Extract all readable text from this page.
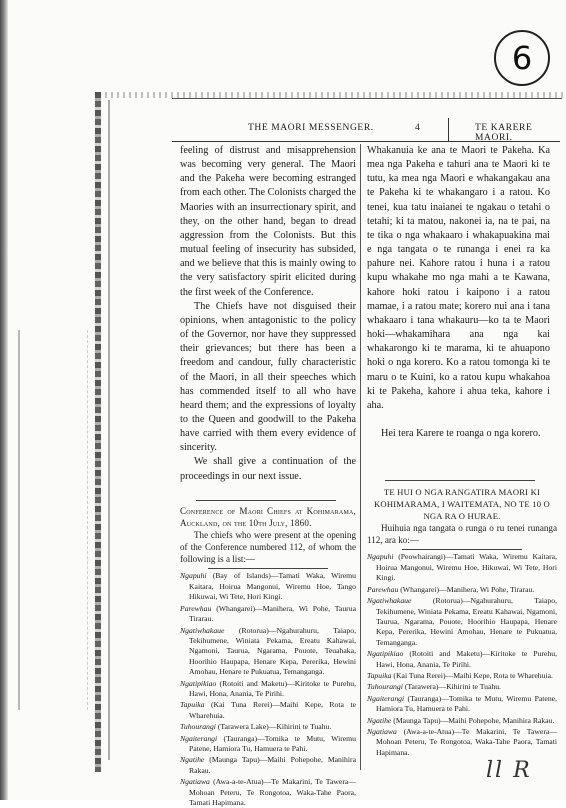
6
THE MAORI MESSENGER.	4	TE KARERE MAORI.

feeling of distrust and misapprehension was becoming very general. The Maori and the Pakeha were becoming estranged from each other. The Colonists charged the Maories with an insurrectionary spirit, and they, on the other hand, began to dread aggression from the Colonists. But this mutual feeling of insecurity has subsided, and we believe that this is mainly owing to the very satisfactory spirit elicited during the first week of the Conference.

The Chiefs have not disguised their opinions, when antagonistic to the policy of the Governor, nor have they suppressed their grievances; but there has been a freedom and candour, fully characteristic of the Maori, in all their speeches which has commended itself to all who have heard them; and the expressions of loyalty to the Queen and goodwill to the Pakeha have carried with them every evidence of sincerity.

We shall give a continuation of the proceedings in our next issue.

Whakanuia ke ana te Maori te Pakeha. Ka mea nga Pakeha e tahuri ana te Maori ki te tutu, ka mea nga Maori e whakangakau ana te Pakeha ki te whakangaro i a ratou. Ko tenei, kua tatu inaianei te ngakau o tetahi o tetahi; ki ta matou, nakonei ia, na te pai, na te tika o nga whakaaro i whakapuakina mai e nga tangata o te runanga i enei ra ka pahure nei. Kahore ratou i huna i a ratou kupu whakahe mo nga mahi a te Kawana, kahore hoki ratou i kaipono i a ratou mamae, i a ratou mate; korero nui ana i tana whakaaro i tana whakauru—ko ta te Maori hoki—whakamihara ana nga kai whakarongo ki te marama, ki te ahuapono hoki o nga korero. Ko a ratou tomonga ki te maru o te Kuini, ko a ratou kupu whakahoa ki te Pakeha, kahore i ahua teka, kahore i aha.

Hei tera Karere te roanga o nga korero.

Conference of Maori Chiefs at Kohimarama, Auckland, on the 10th July, 1860.

The chiefs who were present at the opening of the Conference numbered 112, of whom the following is a list:—

Ngapuhi (Bay of Islands)—Tamati Waka, Wiremu Kaitara, Hoirua Mangonui, Wiremu Hoe, Tango Hikuwai, Wi Tete, Hori Kingi.

Parewhau (Whangarei)—Manihera, Wi Pohe, Taurua Tirarau.

Ngatiwhakaue (Rotorua)—Ngahurahuru, Taiapo, Tekihumene, Winiata Pekama, Ereatu Kahawai, Ngamoni, Taurua, Ngarama, Pouote, Teuahaka, Hoorihio Haupapa, Henare Kepa, Pererika, Hewini Amohau, Henare te Pukuatua, Temanganga.

Ngatipikiao (Rotoiti and Maketu)—Kiritoke te Purehu, Hawi, Hona, Anania, Te Pirihi.

Tapuika (Kai Tuna Rerei)—Maihi Kepe, Rota te Wharehuia.

Tuhourangi (Tarawera Lake)—Kihirini te Tuahu.

Ngaiterangi (Tauranga)—Tomika te Mutu, Wiremu Patene, Hamiora Tu, Hamuera te Pahi.

Ngatihe (Maunga Tapu)—Maihi Pohepohe, Manihira Rakau.

Ngatiawa (Awa-a-te-Atua)—Te Makarini, Te Tawera—Mohoan Peteru, Te Rongotoa, Waka-Tahe Paora, Tamati Hapimana.

TE HUI O NGA RANGATIRA MAORI KI KOHIMARAMA, I WAITEMATA, NO TE 10 O NGA RA O HURAE.

Huihuia nga tangata o runga o ru tenei runanga 112, ara ko:—

Ngapuhi (Peowhairangi)—Tamati Waka, Wiremu Kaitara, Hoirua Mangonui, Wiremu Hoe, Hikuwai, Wi Tete, Hori Kingi.

Parewhau (Whangarei)—Manihera, Wi Pohe, Tirarau.

Ngatiwhakaue	(Rotorua)—Ngahurahuru, Taiapo, Tekihumene, Winiata Pekama, Ereatu Kahawai, Ngamoni, Taurua, Ngarama, Pouote, Hoorihio Haupapa, Henare Kepa, Pererika, Hewini Amohau, Henare te Pukuatua, Temanganga.

Ngatipikiao (Rotoiti and Maketu)—Kiritoke te Purehu, Hawi, Hona, Anania, Te Pirihi.

Tapuika (Kai Tuna Rerei)—Maihi Kepe, Rota te Wharehuia.

Tuhourangi (Tarawera)—Kihirini te Tuahu.

Ngaiterangi (Tauranga)—Tomika te Mutu, Wiremu Patene, Hamiora Tu, Hamuera te Pahi.

Ngatihe (Maunga Tapu)—Maihi Pohepohe, Manihira Rakau.

Ngatiawa (Awa-a-te-Atua)—Te Makarini, Te Tawera—Mohoan Peteru, Te Rongotoa, Waka-Tahe Paora, Tamati Hapimana.

ll R
